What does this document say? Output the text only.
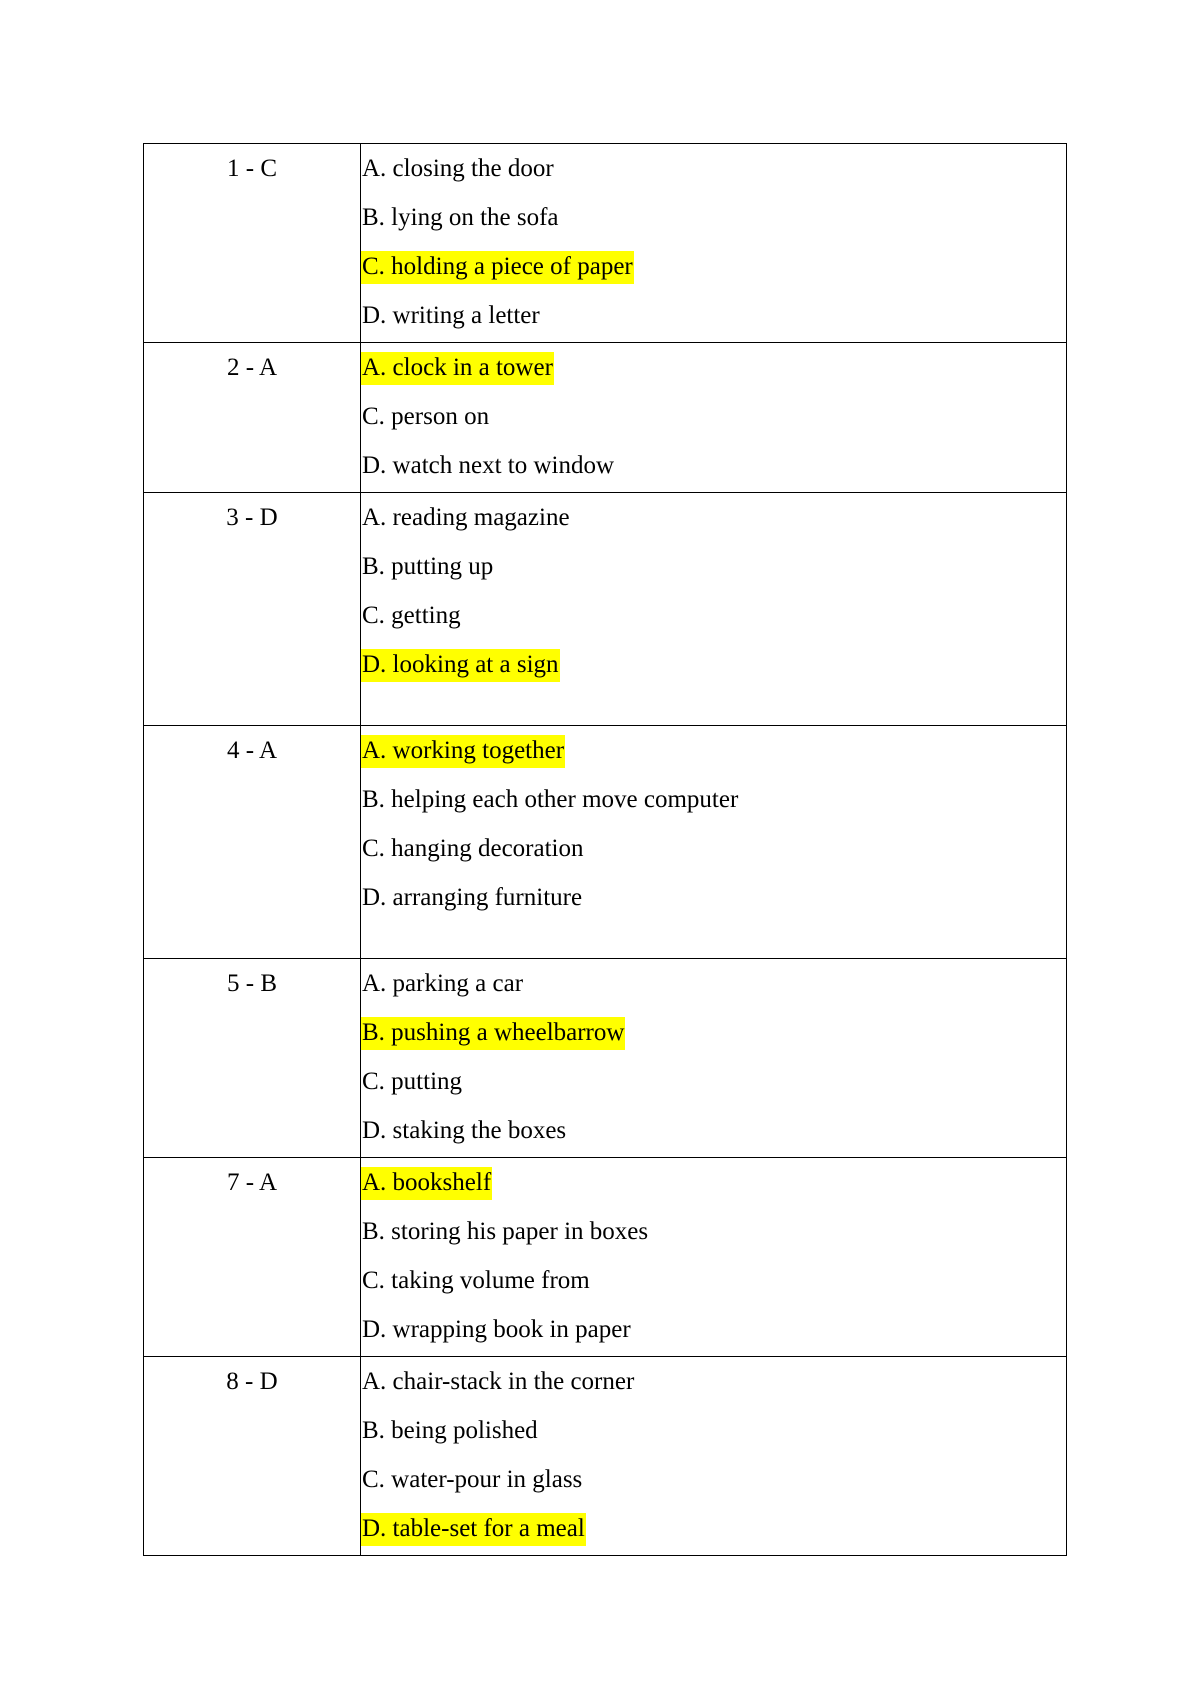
1 - C	A. closing the door
B. lying on the sofa
C. holding a piece of paper
D. writing a letter

2 - A	A. clock in a tower
C. person on
D. watch next to window

3 - D	A. reading magazine
B. putting up
C. getting
D. looking at a sign

4 - A	A. working together
B. helping each other move computer
C. hanging decoration
D. arranging furniture

5 - B	A. parking a car
B. pushing a wheelbarrow
C. putting
D. staking the boxes

7 - A	A. bookshelf
B. storing his paper in boxes
C. taking volume from
D. wrapping book in paper

8 - D	A. chair-stack in the corner
B. being polished
C. water-pour in glass
D. table-set for a meal
